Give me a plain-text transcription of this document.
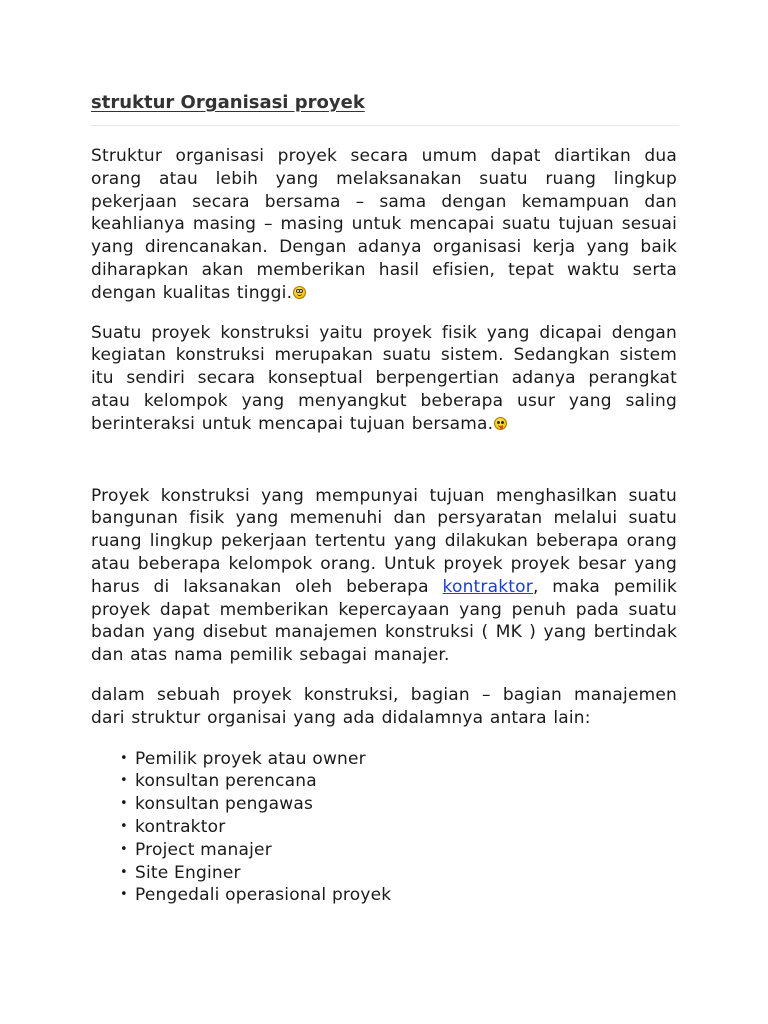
struktur Organisasi proyek

Struktur organisasi proyek secara umum dapat diartikan dua orang atau lebih yang melaksanakan suatu ruang lingkup pekerjaan secara bersama – sama dengan kemampuan dan keahlianya masing – masing untuk mencapai suatu tujuan sesuai yang direncanakan. Dengan adanya organisasi kerja yang baik diharapkan akan memberikan hasil efisien, tepat waktu serta dengan kualitas tinggi.

Suatu proyek konstruksi yaitu proyek fisik yang dicapai dengan kegiatan konstruksi merupakan suatu sistem. Sedangkan sistem itu sendiri secara konseptual berpengertian adanya perangkat atau kelompok yang menyangkut beberapa usur yang saling berinteraksi untuk mencapai tujuan bersama.

Proyek konstruksi yang mempunyai tujuan menghasilkan suatu bangunan fisik yang memenuhi dan persyaratan melalui suatu ruang lingkup pekerjaan tertentu yang dilakukan beberapa orang atau beberapa kelompok orang. Untuk proyek proyek besar yang harus di laksanakan oleh beberapa kontraktor, maka pemilik proyek dapat memberikan kepercayaan yang penuh pada suatu badan yang disebut manajemen konstruksi ( MK ) yang bertindak dan atas nama pemilik sebagai manajer.

dalam sebuah proyek konstruksi, bagian – bagian manajemen dari struktur organisai yang ada didalamnya antara lain:

• Pemilik proyek atau owner
• konsultan perencana
• konsultan pengawas
• kontraktor
• Project manajer
• Site Enginer
• Pengedali operasional proyek
